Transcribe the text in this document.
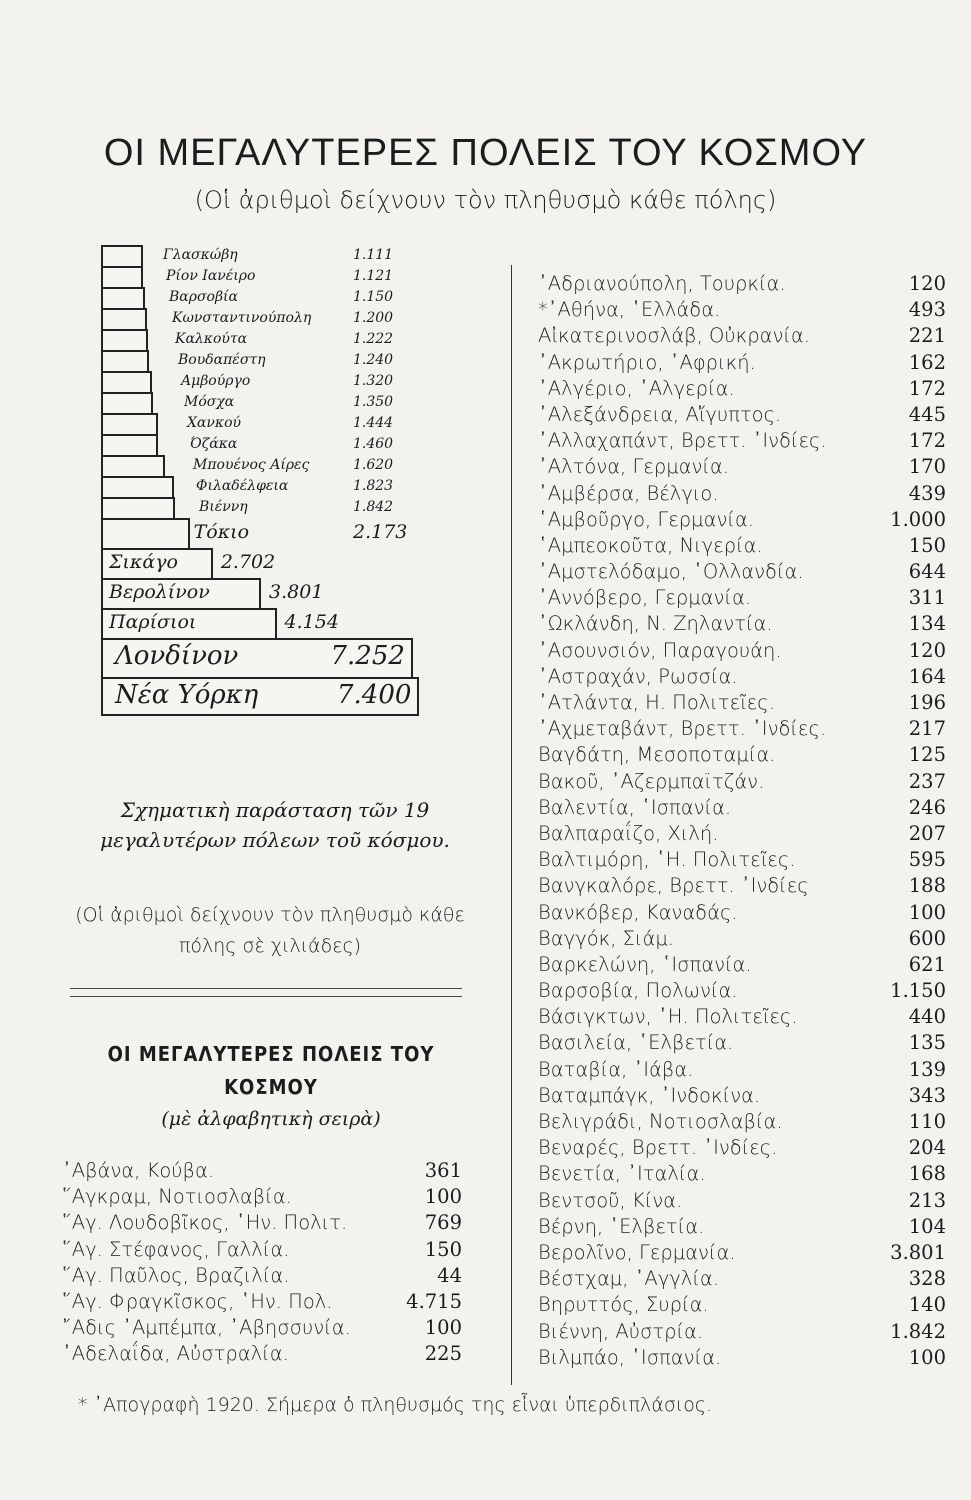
ΟΙ ΜΕΓΑΛΥΤΕΡΕΣ ΠΟΛΕΙΣ ΤΟΥ ΚΟΣΜΟΥ
(Οἱ ἀριθμοὶ δείχνουν τὸν πληθυσμὸ κάθε πόλης)
Γλασκώβη	1.111
Ρίον Ιανέιρο	1.121
Βαρσοβία	1.150
Κωνσταντινούπολη	1.200
Καλκούτα	1.222
Βουδαπέστη	1.240
Αμβούργο	1.320
Μόσχα	1.350
Χανκού	1.444
Όζάκα	1.460
Μπουένος Αίρες	1.620
Φιλαδέλφεια	1.823
Βιέννη	1.842
Τόκιο	2.173
Σικάγο 2.702
Βερολίνον	3.801
Παρίσιοι	4.154
Λονδίνον	7.252
Νέα Υόρκη	7.400
Σχηματικὴ παράσταση τῶν 19 μεγαλυτέρων πόλεων τοῦ κόσμου.
(Οἱ ἀριθμοὶ δείχνουν τὸν πληθυσμὸ κάθε πόλης σὲ χιλιάδες)
ΟΙ ΜΕΓΑΛΥΤΕΡΕΣ ΠΟΛΕΙΣ ΤΟΥ ΚΟΣΜΟΥ
(μὲ ἀλφαβητικὴ σειρὰ)
᾿Αβάνα, Κούβα.	361
῞Αγκραμ, Νοτιοσλαβία.	100
῞Αγ. Λουδοβῖκος, ῾Ην. Πολιτ.	769
῞Αγ. Στέφανος, Γαλλία.	150
῞Αγ. Παῦλος, Βραζιλία.	44
῞Αγ. Φραγκῖσκος, ῾Ην. Πολ.	4.715
῎Αδις ᾿Αμπέμπα, ᾿Αβησσυνία.	100
᾿Αδελαΐδα, Αὐστραλία.	225
᾿Αδριανούπολη, Τουρκία.	120
*᾿Αθήνα, ῾Ελλάδα.	493
Αἰκατερινοσλάβ, Οὐκρανία.	221
᾿Ακρωτήριο, ᾿Αφρική.	162
᾿Αλγέριο, ᾿Αλγερία.	172
᾿Αλεξάνδρεια, Αἴγυπτος.	445
᾿Αλλαχαπάντ, Βρεττ. ᾿Ινδίες.	172
᾿Αλτόνα, Γερμανία.	170
᾿Αμβέρσα, Βέλγιο.	439
῾Αμβοῦργο, Γερμανία.	1.000
῾Αμπεοκοῦτα, Νιγερία.	150
᾿Αμστελόδαμο, ῾Ολλανδία.	644
᾿Αννόβερο, Γερμανία.	311
᾿Ωκλάνδη, Ν. Ζηλαντία.	134
᾿Ασουνσιόν, Παραγουάη.	120
᾿Αστραχάν, Ρωσσία.	164
᾿Ατλάντα, Η. Πολιτεῖες.	196
᾿Αχμεταβάντ, Βρεττ. ᾿Ινδίες.	217
Βαγδάτη, Μεσοποταμία.	125
Βακοῦ, ᾿Αζερμπαϊτζάν.	237
Βαλεντία, ῾Ισπανία.	246
Βαλπαραΐζο, Χιλή.	207
Βαλτιμόρη, ῾Η. Πολιτεῖες.	595
Βανγκαλόρε, Βρεττ. ᾿Ινδίες	188
Βανκόβερ, Καναδάς.	100
Βαγγόκ, Σιάμ.	600
Βαρκελώνη, ῾Ισπανία.	621
Βαρσοβία, Πολωνία.	1.150
Βάσιγκτων, ῾Η. Πολιτεῖες.	440
Βασιλεία, ῾Ελβετία.	135
Βαταβία, ᾿Ιάβα.	139
Βαταμπάγκ, ᾿Ινδοκίνα.	343
Βελιγράδι, Νοτιοσλαβία.	110
Βεναρές, Βρεττ. ᾿Ινδίες.	204
Βενετία, ᾿Ιταλία.	168
Βεντσοῦ, Κίνα.	213
Βέρνη, ῾Ελβετία.	104
Βερολῖνο, Γερμανία.	3.801
Βέστχαμ, ᾿Αγγλία.	328
Βηρυττός, Συρία.	140
Βιέννη, Αὐστρία.	1.842
Βιλμπάο, ῾Ισπανία.	100
* ᾿Απογραφὴ 1920. Σήμερα ὁ πληθυσμός της εἶναι ὑπερδιπλάσιος.
